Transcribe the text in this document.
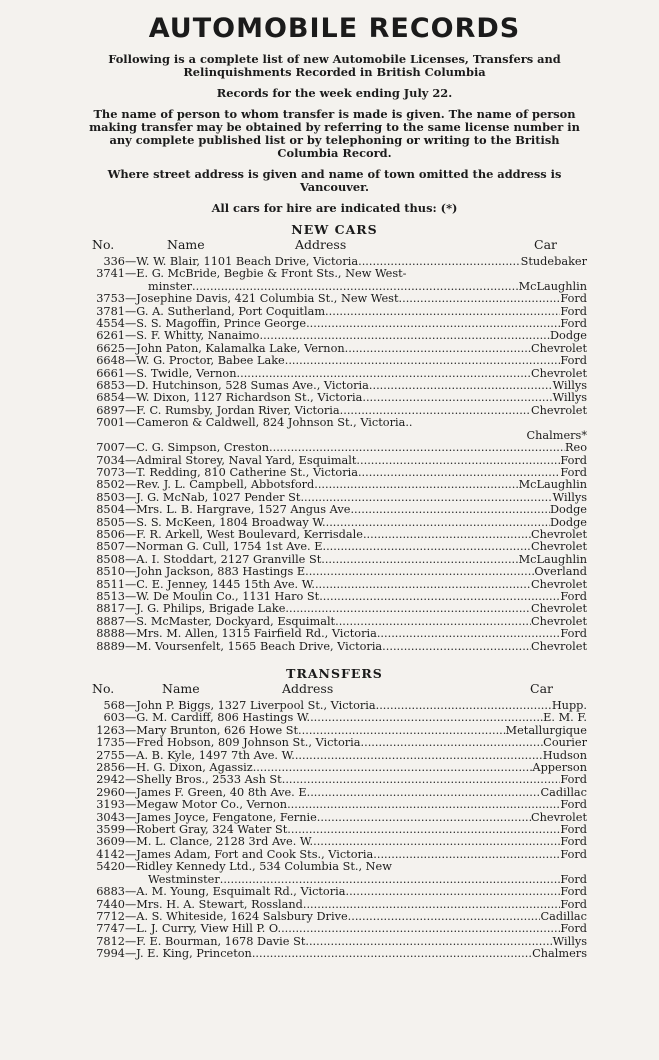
AUTOMOBILE RECORDS

Following is a complete list of new Automobile Licenses, Transfers and Relinquishments Recorded in British Columbia

Records for the week ending July 22.

The name of person to whom transfer is made is given. The name of person making transfer may be obtained by referring to the same license number in any complete published list or by telephoning or writing to the British Columbia Record.

Where street address is given and name of town omitted the address is Vancouver.

All cars for hire are indicated thus: (*)

NEW CARS
No.	Name	Address	Car
336 — W. W. Blair, 1101 Beach Drive, Victoria .....	Studebaker
3741 — E. G. McBride, Begbie & Front Sts., New West-
minster .....	McLaughlin
3753 — Josephine Davis, 421 Columbia St., New West .....	Ford
3781 — G. A. Sutherland, Port Coquitlam .....	Ford
4554 — S. S. Magoffin, Prince George .....	Ford
6261 — S. F. Whitty, Nanaimo .....	Dodge
6625 — John Paton, Kalamalka Lake, Vernon .....	Chevrolet
6648 — W. G. Proctor, Babee Lake .....	Ford
6661 — S. Twidle, Vernon .....	Chevrolet
6853 — D. Hutchinson, 528 Sumas Ave., Victoria .....	Willys
6854 — W. Dixon, 1127 Richardson St., Victoria .....	Willys
6897 — F. C. Rumsby, Jordan River, Victoria .....	Chevrolet
7001 — Cameron & Caldwell, 824 Johnson St., Victoria..
Chalmers*
7007 — C. G. Simpson, Creston .....	Reo
7034 — Admiral Storey, Naval Yard, Esquimalt .....	Ford
7073 — T. Redding, 810 Catherine St., Victoria .....	Ford
8502 — Rev. J. L. Campbell, Abbotsford .....	McLaughlin
8503 — J. G. McNab, 1027 Pender St. .....	Willys
8504 — Mrs. L. B. Hargrave, 1527 Angus Ave. .....	Dodge
8505 — S. S. McKeen, 1804 Broadway W. .....	Dodge
8506 — F. R. Arkell, West Boulevard, Kerrisdale .....	Chevrolet
8507 — Norman G. Cull, 1754 1st Ave. E. .....	Chevrolet
8508 — A. I. Stoddart, 2127 Granville St. .....	McLaughlin
8510 — John Jackson, 883 Hastings E. .....	Overland
8511 — C. E. Jenney, 1445 15th Ave. W. .....	Chevrolet
8513 — W. De Moulin Co., 1131 Haro St. .....	Ford
8817 — J. G. Philips, Brigade Lake .....	Chevrolet
8887 — S. McMaster, Dockyard, Esquimalt .....	Chevrolet
8888 — Mrs. M. Allen, 1315 Fairfield Rd., Victoria .....	Ford
8889 — M. Voursenfelt, 1565 Beach Drive, Victoria .....	Chevrolet
TRANSFERS
No.	Name	Address	Car
568 — John P. Biggs, 1327 Liverpool St., Victoria .....	Hupp.
603 — G. M. Cardiff, 806 Hastings W. .....	E. M. F.
1263 — Mary Brunton, 626 Howe St. .....	Metallurgique
1735 — Fred Hobson, 809 Johnson St., Victoria .....	Courier
2755 — A. B. Kyle, 1497 7th Ave. W. .....	Hudson
2856 — H. G. Dixon, Agassiz .....	Apperson
2942 — Shelly Bros., 2533 Ash St. .....	Ford
2960 — James F. Green, 40 8th Ave. E. .....	Cadillac
3193 — Megaw Motor Co., Vernon .....	Ford
3043 — James Joyce, Fengatone, Fernie .....	Chevrolet
3599 — Robert Gray, 324 Water St. .....	Ford
3609 — M. L. Clance, 2128 3rd Ave. W. .....	Ford
4142 — James Adam, Fort and Cook Sts., Victoria .....	Ford
5420 — Ridley Kennedy Ltd., 534 Columbia St., New
Westminster .....	Ford
6883 — A. M. Young, Esquimalt Rd., Victoria .....	Ford
7440 — Mrs. H. A. Stewart, Rossland .....	Ford
7712 — A. S. Whiteside, 1624 Salsbury Drive .....	Cadillac
7747 — L. J. Curry, View Hill P. O. .....	Ford
7812 — F. E. Bourman, 1678 Davie St. .....	Willys
7994 — J. E. King, Princeton .....	Chalmers
